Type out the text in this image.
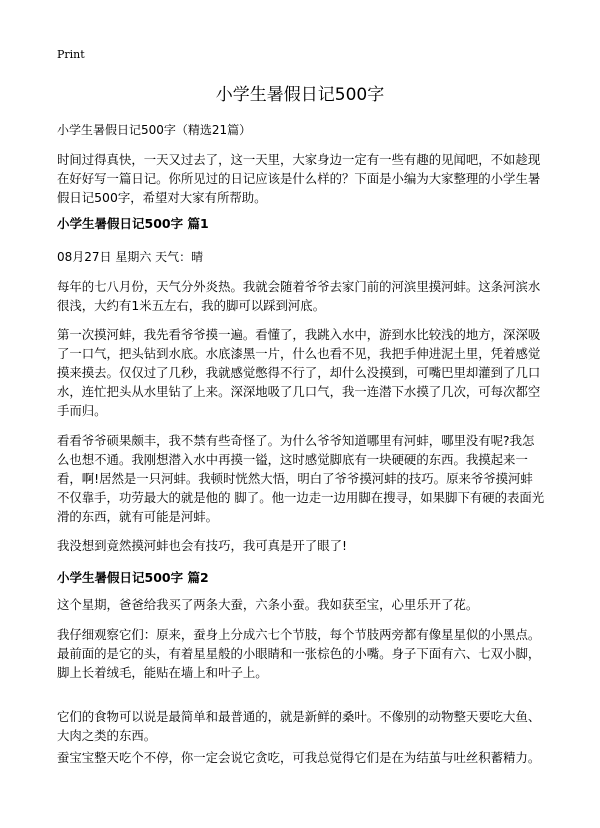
Print
小学生暑假日记500字
小学生暑假日记500字（精选21篇）

时间过得真快，一天又过去了，这一天里，大家身边一定有一些有趣的见闻吧，不如趁现在好好写一篇日记。你所见过的日记应该是什么样的？下面是小编为大家整理的小学生暑假日记500字，希望对大家有所帮助。

小学生暑假日记500字 篇1
08月27日 星期六 天气：晴

每年的七八月份，天气分外炎热。我就会随着爷爷去家门前的河滨里摸河蚌。这条河滨水很浅，大约有1米五左右，我的脚可以踩到河底。

第一次摸河蚌，我先看爷爷摸一遍。看懂了，我跳入水中，游到水比较浅的地方，深深吸了一口气，把头钻到水底。水底漆黑一片，什么也看不见，我把手伸进泥土里，凭着感觉摸来摸去。仅仅过了几秒，我就感觉憋得不行了，却什么没摸到，可嘴巴里却灌到了几口水，连忙把头从水里钻了上来。深深地吸了几口气，我一连潜下水摸了几次，可每次都空手而归。

看看爷爷硕果颇丰，我不禁有些奇怪了。为什么爷爷知道哪里有河蚌，哪里没有呢?我怎么也想不通。我刚想潜入水中再摸一镒，这时感觉脚底有一块硬硬的东西。我摸起来一看，啊!居然是一只河蚌。我顿时恍然大悟，明白了爷爷摸河蚌的技巧。原来爷爷摸河蚌不仅靠手，功劳最大的就是他的 脚了。他一边走一边用脚在搜寻，如果脚下有硬的表面光滑的东西，就有可能是河蚌。

我没想到竟然摸河蚌也会有技巧，我可真是开了眼了!

小学生暑假日记500字 篇2

这个星期，爸爸给我买了两条大蚕，六条小蚕。我如获至宝，心里乐开了花。

我仔细观察它们：原来，蚕身上分成六七个节肢，每个节肢两旁都有像星星似的小黑点。最前面的是它的头，有着星星般的小眼睛和一张棕色的小嘴。身子下面有六、七双小脚，脚上长着绒毛，能贴在墙上和叶子上。

它们的食物可以说是最简单和最普通的，就是新鲜的桑叶。不像别的动物整天要吃大鱼、大肉之类的东西。

蚕宝宝整天吃个不停，你一定会说它贪吃，可我总觉得它们是在为结茧与吐丝积蓄精力。
